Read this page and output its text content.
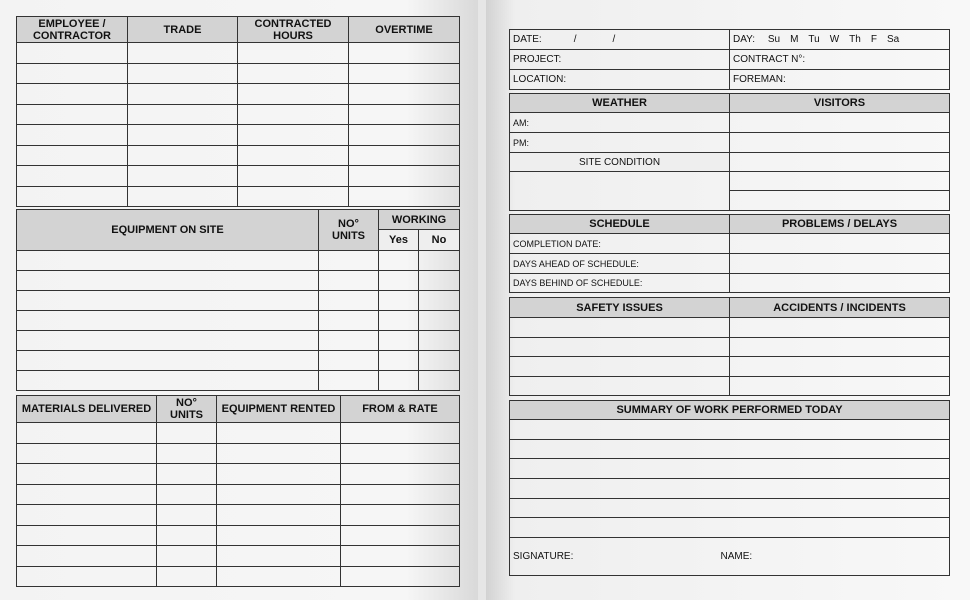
EMPLOYEE / CONTRACTOR	TRADE	CONTRACTED HOURS	OVERTIME

EQUIPMENT ON SITE	NO° UNITS	WORKING	
		Yes	No

MATERIALS DELIVERED	NO° UNITS	EQUIPMENT RENTED	FROM & RATE

DATE: / /	DAY: Su M Tu W Th F Sa
PROJECT:	CONTRACT N°:
LOCATION:	FOREMAN:
WEATHER	VISITORS
AM:	
PM:	
SITE CONDITION	

SCHEDULE	PROBLEMS / DELAYS
COMPLETION DATE:	
DAYS AHEAD OF SCHEDULE:	
DAYS BEHIND OF SCHEDULE:	
SAFETY ISSUES	ACCIDENTS / INCIDENTS

SUMMARY OF WORK PERFORMED TODAY

SIGNATURE:	NAME:
